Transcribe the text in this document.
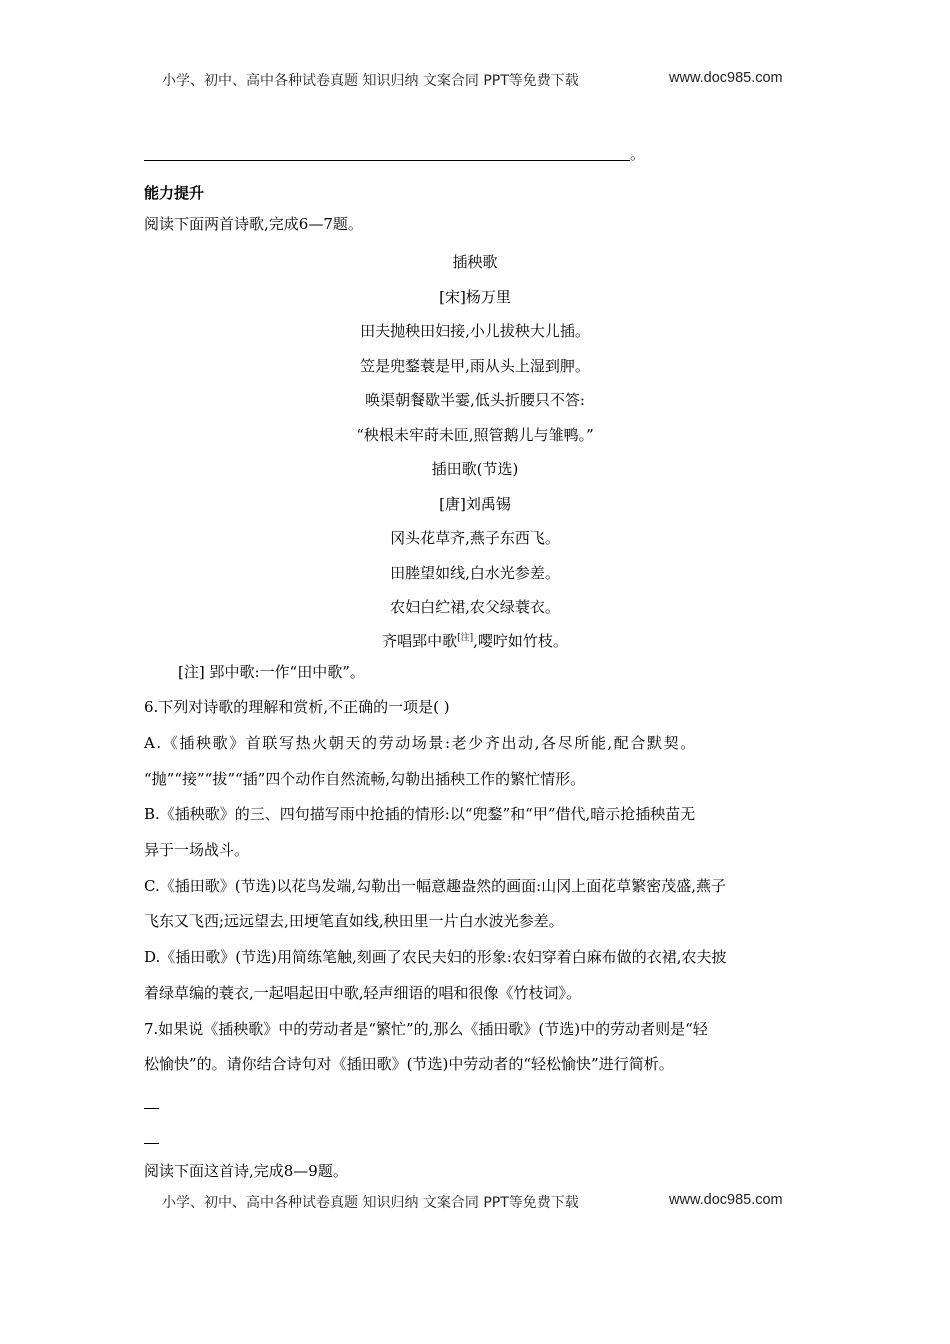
小学、初中、高中各种试卷真题 知识归纳 文案合同 PPT等免费下载	www.doc985.com
。
能力提升
阅读下面两首诗歌,完成6—7题。
插秧歌
[宋]杨万里
田夫抛秧田妇接,小儿拔秧大儿插。
笠是兜鍪蓑是甲,雨从头上湿到胛。
唤渠朝餐歇半霎,低头折腰只不答:
“秧根未牢莳未匝,照管鹅儿与雏鸭。”
插田歌(节选)
[唐]刘禹锡
冈头花草齐,燕子东西飞。
田塍望如线,白水光参差。
农妇白纻裙,农父绿蓑衣。
齐唱郢中歌[注],嘤咛如竹枝。
[注] 郢中歌:一作“田中歌”。
6.下列对诗歌的理解和赏析,不正确的一项是( )
A.《插秧歌》首联写热火朝天的劳动场景:老少齐出动,各尽所能,配合默契。
“抛”“接”“拔”“插”四个动作自然流畅,勾勒出插秧工作的繁忙情形。
B.《插秧歌》的三、四句描写雨中抢插的情形:以“兜鍪”和“甲”借代,暗示抢插秧苗无
异于一场战斗。
C.《插田歌》(节选)以花鸟发端,勾勒出一幅意趣盎然的画面:山冈上面花草繁密茂盛,燕子
飞东又飞西;远远望去,田埂笔直如线,秧田里一片白水波光参差。
D.《插田歌》(节选)用简练笔触,刻画了农民夫妇的形象:农妇穿着白麻布做的衣裙,农夫披
着绿草编的蓑衣,一起唱起田中歌,轻声细语的唱和很像《竹枝词》。
7.如果说《插秧歌》中的劳动者是“繁忙”的,那么《插田歌》(节选)中的劳动者则是“轻
松愉快”的。请你结合诗句对《插田歌》(节选)中劳动者的“轻松愉快”进行简析。
阅读下面这首诗,完成8—9题。
小学、初中、高中各种试卷真题 知识归纳 文案合同 PPT等免费下载	www.doc985.com
